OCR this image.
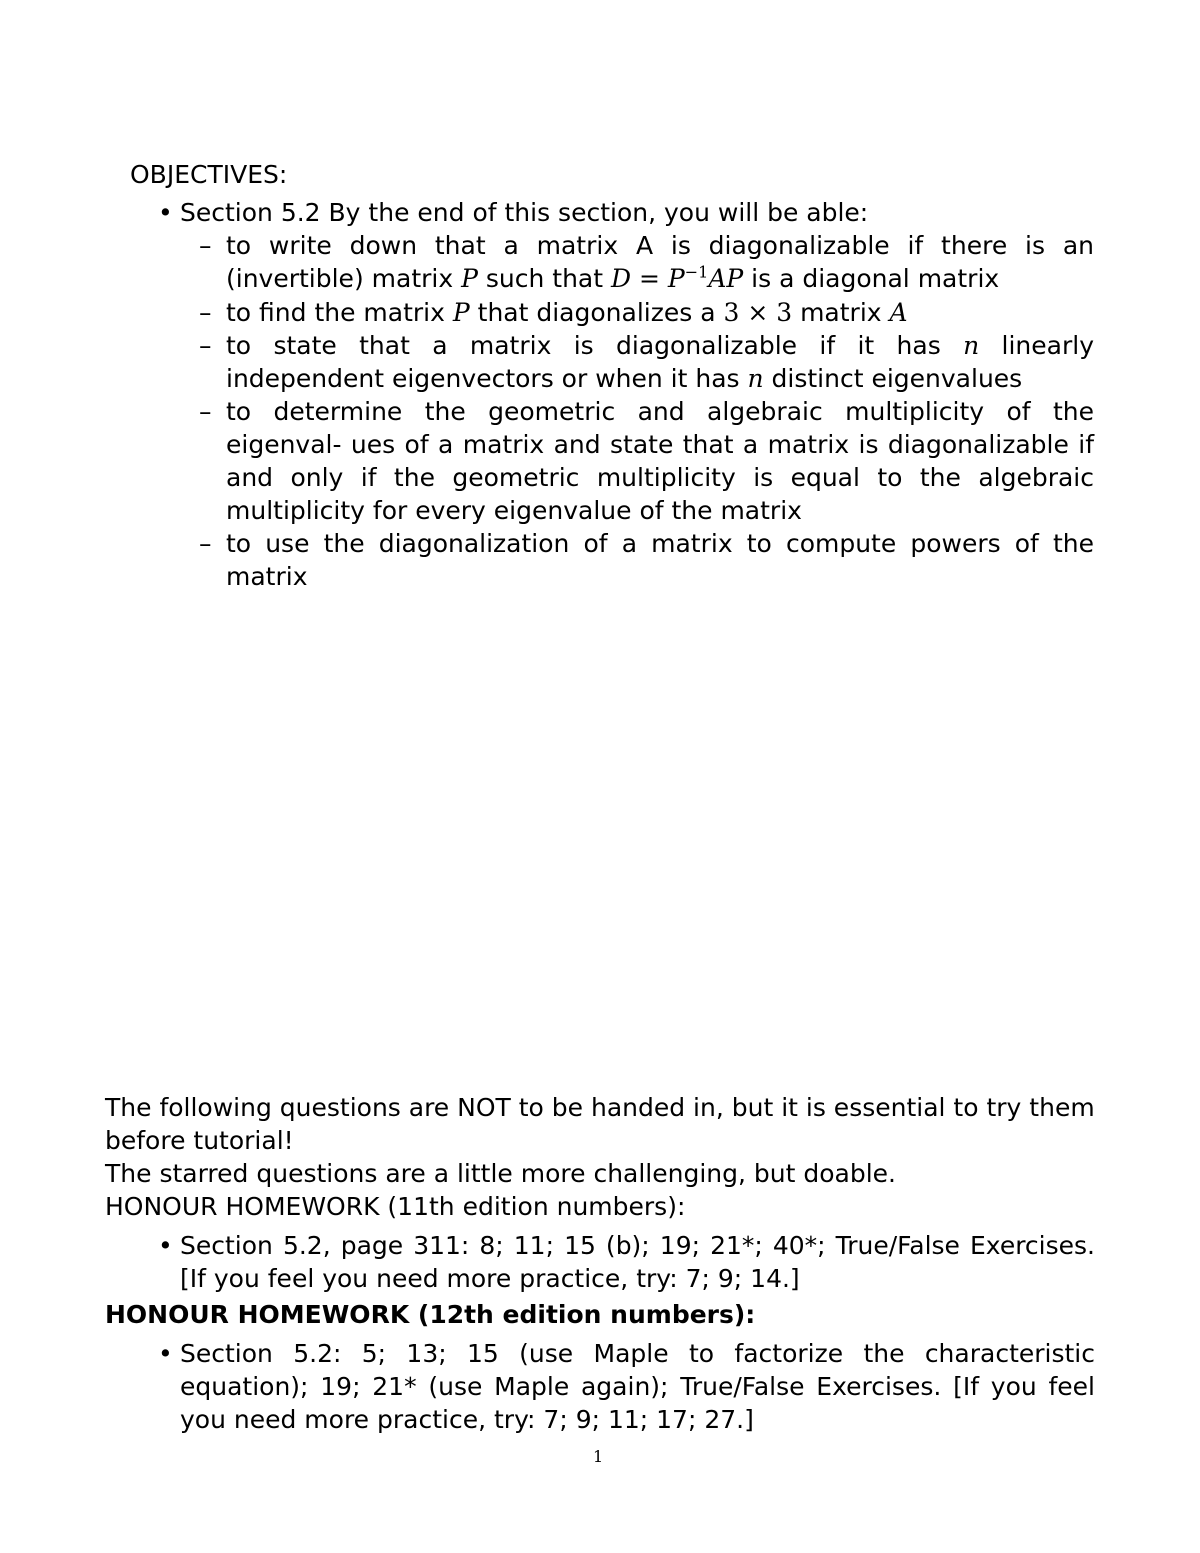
OBJECTIVES:

• Section 5.2 By the end of this section, you will be able:

– to write down that a matrix A is diagonalizable if there is an (invertible) matrix P such that $D = P^{-1}AP$ is a diagonal matrix

– to find the matrix P that diagonalizes a 3 × 3 matrix A

– to state that a matrix is diagonalizable if it has n linearly independent eigenvectors or when it has n distinct eigenvalues

– to determine the geometric and algebraic multiplicity of the eigenval- ues of a matrix and state that a matrix is diagonalizable if and only if the geometric multiplicity is equal to the algebraic multiplicity for every eigenvalue of the matrix

– to use the diagonalization of a matrix to compute powers of the matrix

The following questions are NOT to be handed in, but it is essential to try them before tutorial!

The starred questions are a little more challenging, but doable.

HONOUR HOMEWORK (11th edition numbers):

• Section 5.2, page 311: 8; 11; 15 (b); 19; 21*; 40*; True/False Exercises. [If you feel you need more practice, try: 7; 9; 14.]

HONOUR HOMEWORK (12th edition numbers):

• Section 5.2: 5; 13; 15 (use Maple to factorize the characteristic equation); 19; 21* (use Maple again); True/False Exercises. [If you feel you need more practice, try: 7; 9; 11; 17; 27.]

1
